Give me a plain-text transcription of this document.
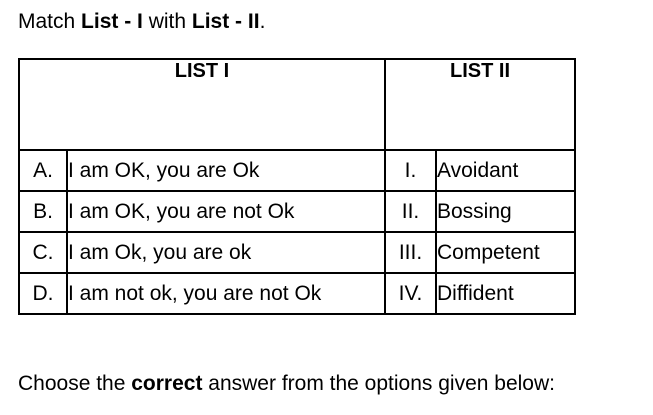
Match List - I with List - II.
LIST I		LIST II	
A.	I am OK, you are Ok	I.	Avoidant
B.	I am OK, you are not Ok	II.	Bossing
C.	I am Ok, you are ok	III.	Competent
D.	I am not ok, you are not Ok	IV.	Diffident
Choose the correct answer from the options given below:
